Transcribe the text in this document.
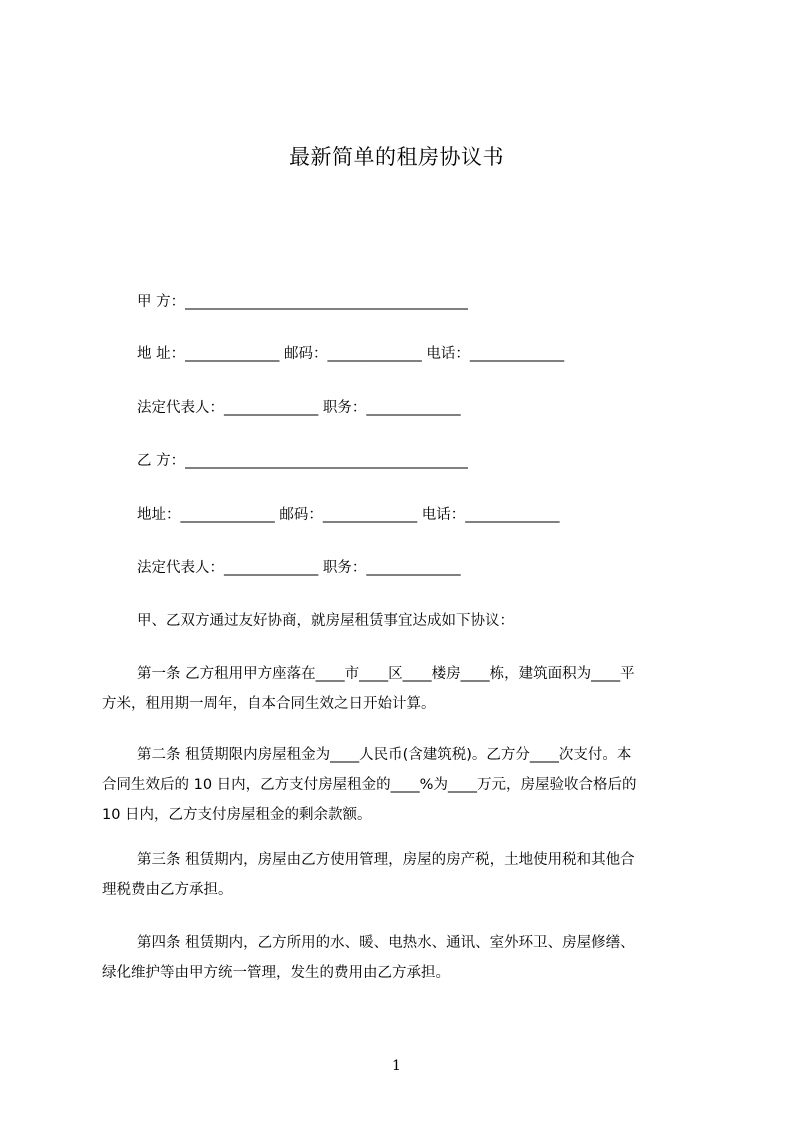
最新简单的租房协议书
甲 方：_______________________________________
地 址：_____________ 邮码：_____________ 电话：_____________
法定代表人：_____________ 职务：_____________
乙 方：_______________________________________
地址：_____________ 邮码：_____________ 电话：_____________
法定代表人：_____________ 职务：_____________
甲、乙双方通过友好协商，就房屋租赁事宜达成如下协议：

第一条 乙方租用甲方座落在____市____区____楼房____栋，建筑面积为____平

方米，租用期一周年，自本合同生效之日开始计算。

第二条 租赁期限内房屋租金为____人民币(含建筑税)。乙方分____次支付。本

合同生效后的 10 日内，乙方支付房屋租金的____%为____万元，房屋验收合格后的

10 日内，乙方支付房屋租金的剩余款额。

第三条 租赁期内，房屋由乙方使用管理，房屋的房产税，土地使用税和其他合

理税费由乙方承担。

第四条 租赁期内，乙方所用的水、暖、电热水、通讯、室外环卫、房屋修缮、

绿化维护等由甲方统一管理，发生的费用由乙方承担。

1
